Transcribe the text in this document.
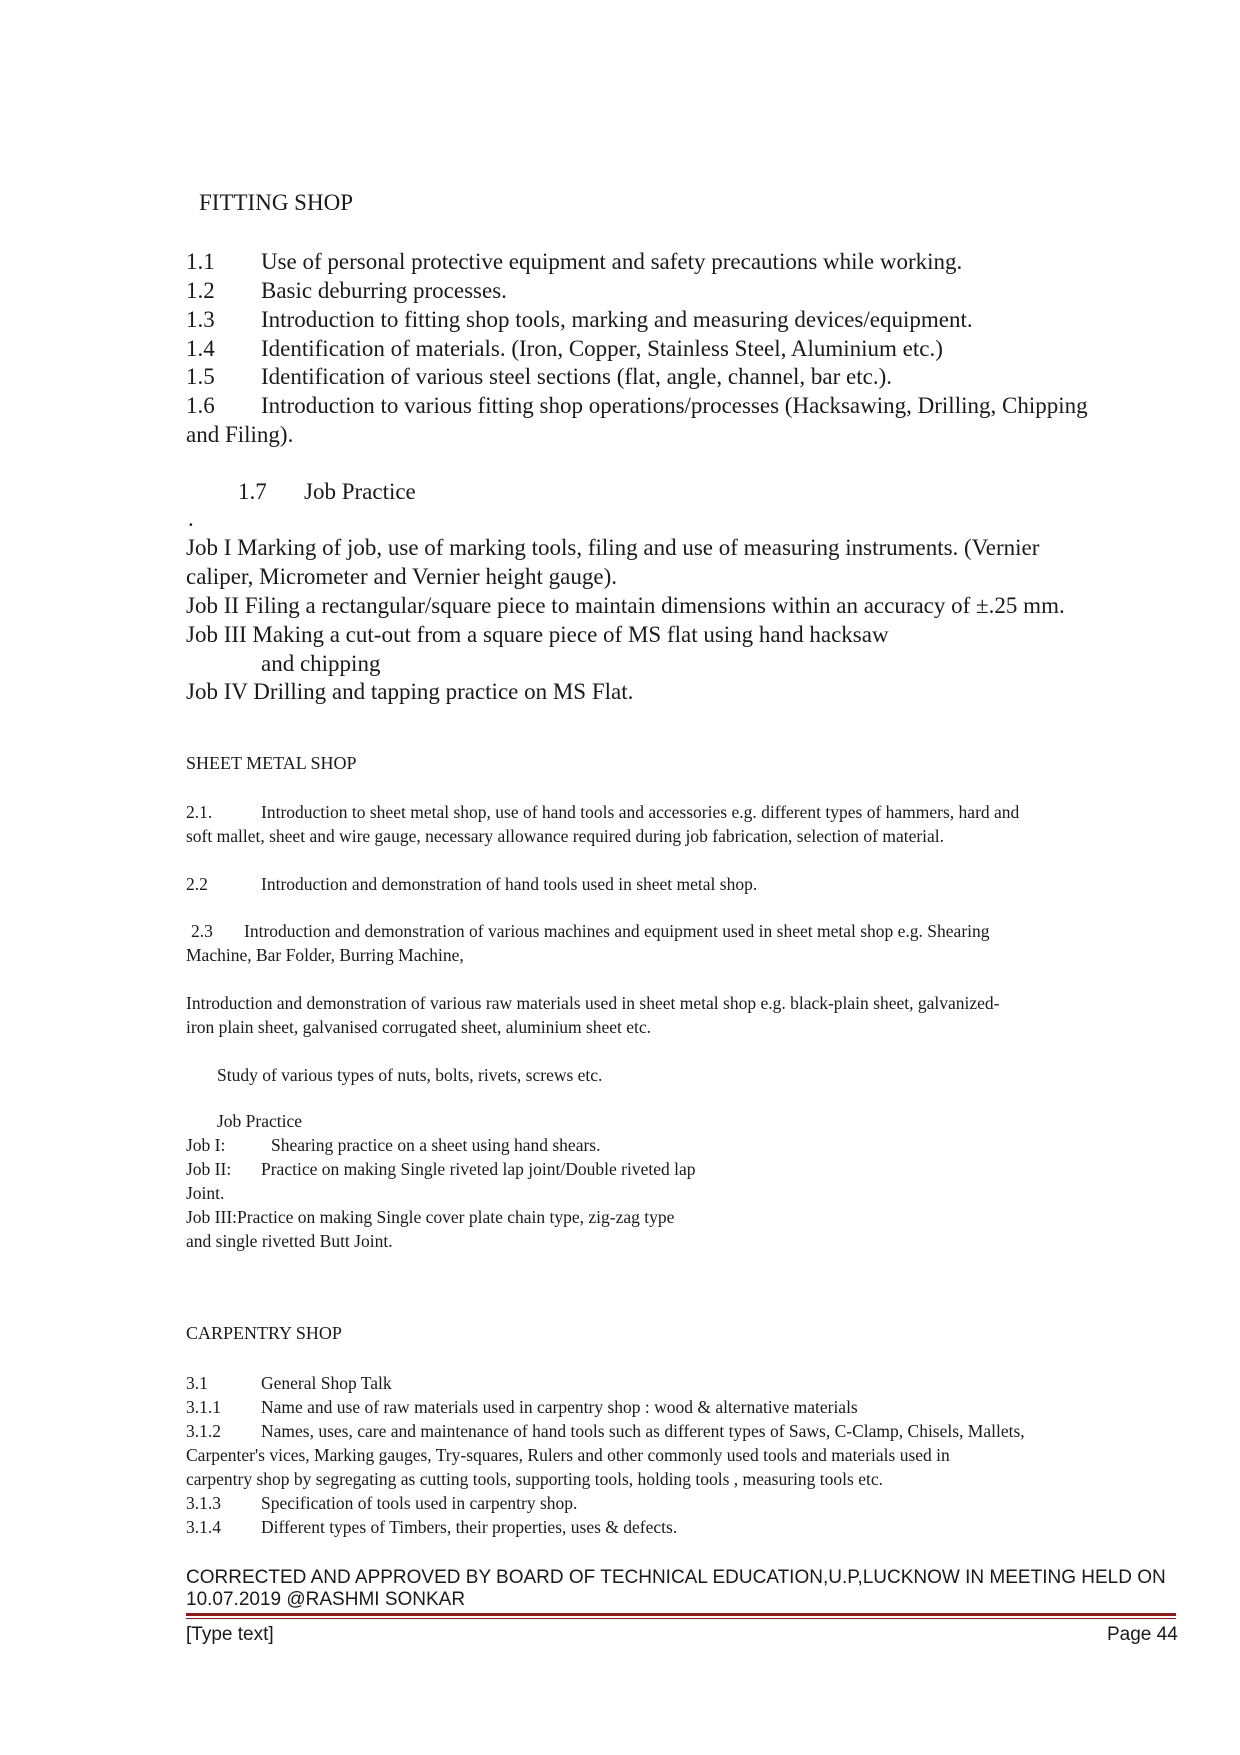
FITTING SHOP
1.1 Use of personal protective equipment and safety precautions while working.
1.2 Basic deburring processes.
1.3 Introduction to fitting shop tools, marking and measuring devices/equipment.
1.4 Identification of materials. (Iron, Copper, Stainless Steel, Aluminium etc.)
1.5 Identification of various steel sections (flat, angle, channel, bar etc.).
1.6 Introduction to various fitting shop operations/processes (Hacksawing, Drilling, Chipping
and Filing).
1.7 Job Practice
.
Job I Marking of job, use of marking tools, filing and use of measuring instruments. (Vernier
caliper, Micrometer and Vernier height gauge).
Job II Filing a rectangular/square piece to maintain dimensions within an accuracy of ±.25 mm.
Job III Making a cut-out from a square piece of MS flat using hand hacksaw
and chipping
Job IV Drilling and tapping practice on MS Flat.
SHEET METAL SHOP
2.1.	Introduction to sheet metal shop, use of hand tools and accessories e.g. different types of hammers, hard and
soft mallet, sheet and wire gauge, necessary allowance required during job fabrication, selection of material.
2.2	Introduction and demonstration of hand tools used in sheet metal shop.
2.3 Introduction and demonstration of various machines and equipment used in sheet metal shop e.g. Shearing
Machine, Bar Folder, Burring Machine,
Introduction and demonstration of various raw materials used in sheet metal shop e.g. black-plain sheet, galvanized-
iron plain sheet, galvanised corrugated sheet, aluminium sheet etc.
Study of various types of nuts, bolts, rivets, screws etc.
Job Practice
Job I:	Shearing practice on a sheet using hand shears.
Job II: Practice on making Single riveted lap joint/Double riveted lap
Joint.
Job III:Practice on making Single cover plate chain type, zig-zag type
and single rivetted Butt Joint.
CARPENTRY SHOP
3.1	General Shop Talk
3.1.1 Name and use of raw materials used in carpentry shop : wood & alternative materials
3.1.2 Names, uses, care and maintenance of hand tools such as different types of Saws, C-Clamp, Chisels, Mallets,
Carpenter's vices, Marking gauges, Try-squares, Rulers and other commonly used tools and materials used in
carpentry shop by segregating as cutting tools, supporting tools, holding tools , measuring tools etc.
3.1.3 Specification of tools used in carpentry shop.
3.1.4 Different types of Timbers, their properties, uses & defects.
CORRECTED AND APPROVED BY BOARD OF TECHNICAL EDUCATION,U.P,LUCKNOW IN MEETING HELD ON
10.07.2019 @RASHMI SONKAR
[Type text]	Page 44
